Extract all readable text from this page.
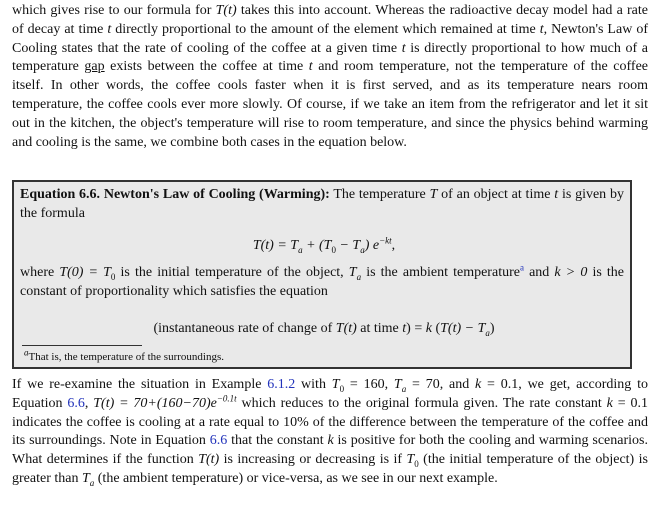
which gives rise to our formula for T(t) takes this into account. Whereas the radioactive decay model had a rate of decay at time t directly proportional to the amount of the element which remained at time t, Newton's Law of Cooling states that the rate of cooling of the coffee at a given time t is directly proportional to how much of a temperature gap exists between the coffee at time t and room temperature, not the temperature of the coffee itself. In other words, the coffee cools faster when it is first served, and as its temperature nears room temperature, the coffee cools ever more slowly. Of course, if we take an item from the refrigerator and let it sit out in the kitchen, the object's temperature will rise to room temperature, and since the physics behind warming and cooling is the same, we combine both cases in the equation below.

Equation 6.6. Newton's Law of Cooling (Warming): The temperature T of an object at time t is given by the formula
$T(t) = T_a + (T_0 - T_a)$ $e^{-kt}$,
where $T(0) = T_0$ is the initial temperature of the object, $T_a$ is the ambient temperature$^a$ and k > 0 is the constant of proportionality which satisfies the equation
(instantaneous rate of change of T(t) at time t) = k $(T(t) - T_a)$
$^a$That is, the temperature of the surroundings.

If we re-examine the situation in Example 6.1.2 with $T_0 = 160$, $T_a = 70$, and k = 0.1, we get, according to Equation 6.6, $T(t) = 70+(160-70)e^{-0.1t}$ which reduces to the original formula given. The rate constant k = 0.1 indicates the coffee is cooling at a rate equal to 10% of the difference between the temperature of the coffee and its surroundings. Note in Equation 6.6 that the constant k is positive for both the cooling and warming scenarios. What determines if the function T(t) is increasing or decreasing is if $T_0$ (the initial temperature of the object) is greater than $T_a$ (the ambient temperature) or vice-versa, as we see in our next example.
